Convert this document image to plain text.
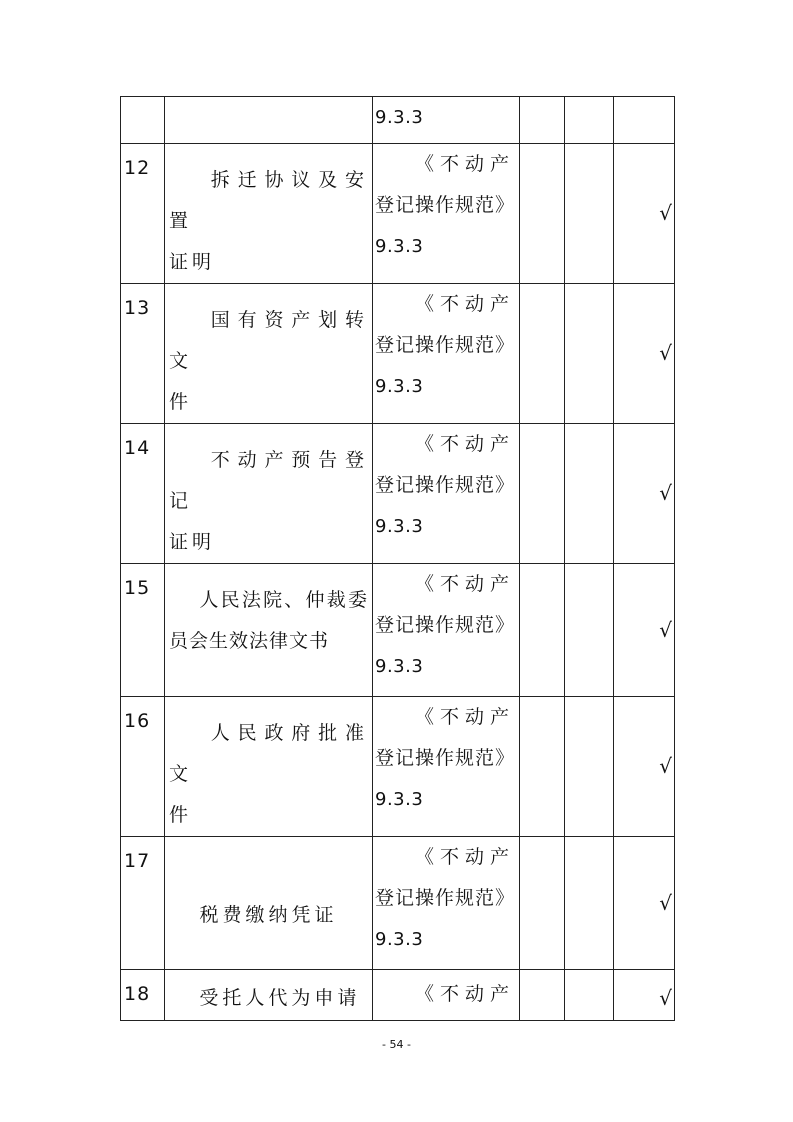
		9.3.3			

12	拆迁协议及安置
证明	《不动产
登记操作规范》
9.3.3			√
13	国有资产划转文
件	《不动产
登记操作规范》
9.3.3			√
14	不动产预告登记
证明	《不动产
登记操作规范》
9.3.3			√
15	人民法院、仲裁委
员会生效法律文书	《不动产
登记操作规范》
9.3.3			√
16	人民政府批准文
件	《不动产
登记操作规范》
9.3.3			√
17	税费缴纳凭证	《不动产
登记操作规范》
9.3.3			√
18	受托人代为申请	《不动产			√
- 54 -
